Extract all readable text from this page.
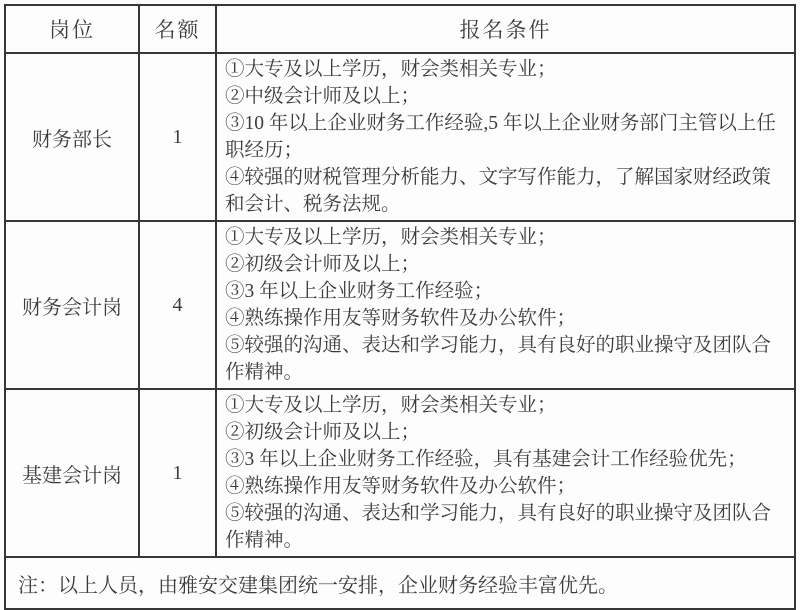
岗位	名额	报名条件
财务部长	1	①大专及以上学历，财会类相关专业；
②中级会计师及以上；
③10 年以上企业财务工作经验,5 年以上企业财务部门主管以上任职经历；
④较强的财税管理分析能力、文字写作能力，了解国家财经政策和会计、税务法规。

财务会计岗	4	①大专及以上学历，财会类相关专业；
②初级会计师及以上；
③3 年以上企业财务工作经验；
④熟练操作用友等财务软件及办公软件；
⑤较强的沟通、表达和学习能力，具有良好的职业操守及团队合作精神。

基建会计岗	1	①大专及以上学历，财会类相关专业；
②初级会计师及以上；
③3 年以上企业财务工作经验，具有基建会计工作经验优先；
④熟练操作用友等财务软件及办公软件；
⑤较强的沟通、表达和学习能力，具有良好的职业操守及团队合作精神。

注：以上人员，由雅安交建集团统一安排，企业财务经验丰富优先。		
